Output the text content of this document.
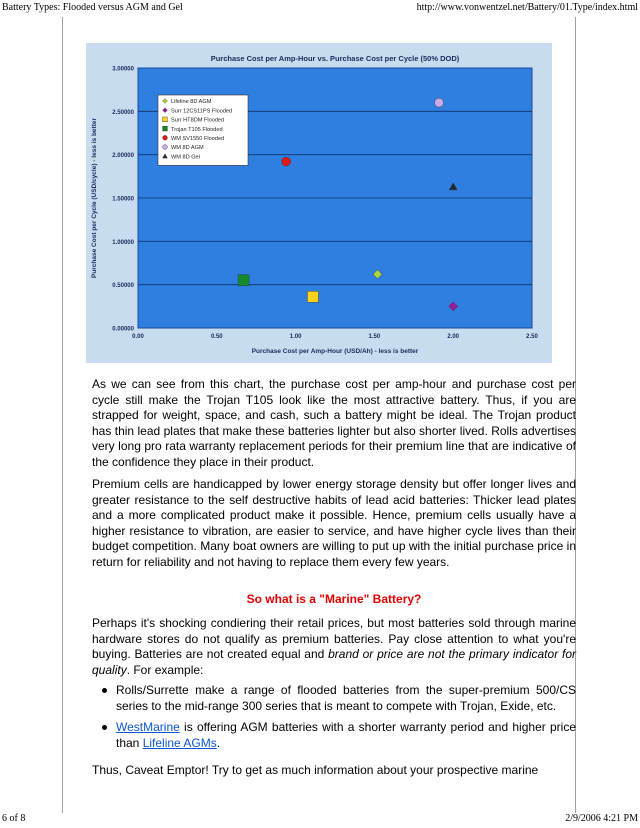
Battery Types: Flooded versus AGM and Gel	http://www.vonwentzel.net/Battery/01.Type/index.html
0.00000
0.50000
1.00000
1.50000
2.00000
2.50000
3.00000
0.00	0.50	1.00	1.50	2.00	2.50
Purchase Cost per Amp-Hour vs. Purchase Cost per Cycle (50% DOD)
Purchase Cost per Amp-Hour (USD/Ah) - less is better
Purchase Cost per Cycle (USD/cycle) - less is better
Lifeline 8D AGM
Surr 12CS11PS Flooded
Surr HT8DM Flooded
Trojan T105 Flooded
WM SV1550 Flooded
WM 8D AGM
WM 8D Gel

As we can see from this chart, the purchase cost per amp-hour and purchase cost per cycle still make the Trojan T105 look like the most attractive battery. Thus, if you are strapped for weight, space, and cash, such a battery might be ideal. The Trojan product has thin lead plates that make these batteries lighter but also shorter lived. Rolls advertises very long pro rata warranty replacement periods for their premium line that are indicative of the confidence they place in their product.

Premium cells are handicapped by lower energy storage density but offer longer lives and greater resistance to the self destructive habits of lead acid batteries: Thicker lead plates and a more complicated product make it possible. Hence, premium cells usually have a higher resistance to vibration, are easier to service, and have higher cycle lives than their budget competition. Many boat owners are willing to put up with the initial purchase price in return for reliability and not having to replace them every few years.

So what is a "Marine" Battery?

Perhaps it's shocking condiering their retail prices, but most batteries sold through marine hardware stores do not qualify as premium batteries. Pay close attention to what you're buying. Batteries are not created equal and brand or price are not the primary indicator for quality. For example:

Rolls/Surrette make a range of flooded batteries from the super-premium 500/CS series to the mid-range 300 series that is meant to compete with Trojan, Exide, etc.
WestMarine is offering AGM batteries with a shorter warranty period and higher price than Lifeline AGMs.

Thus, Caveat Emptor! Try to get as much information about your prospective marine

6 of 8	2/9/2006 4:21 PM
